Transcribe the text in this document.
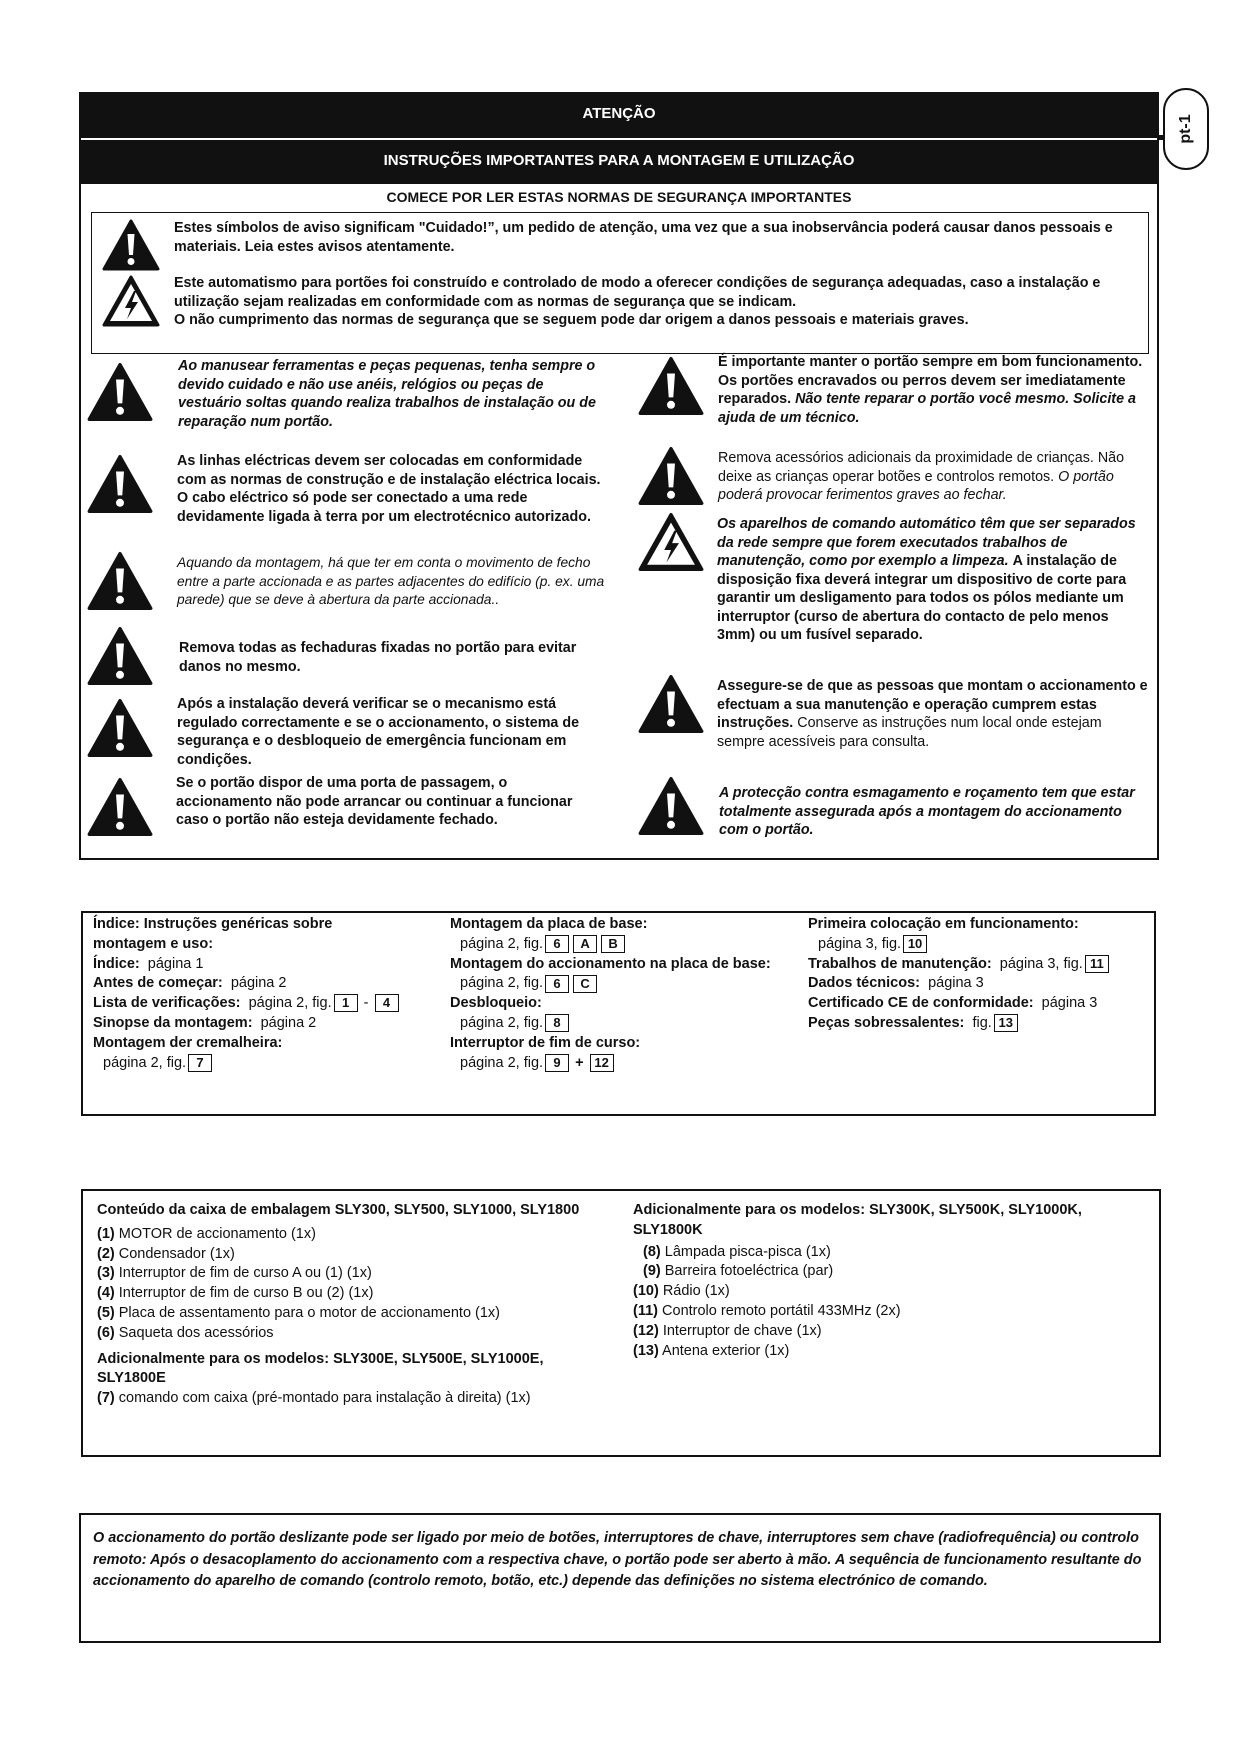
pt-1
ATENÇÃO
INSTRUÇÕES IMPORTANTES PARA A MONTAGEM E UTILIZAÇÃO
COMECE POR LER ESTAS NORMAS DE SEGURANÇA IMPORTANTES
Estes símbolos de aviso significam "Cuidado!”, um pedido de atenção, uma vez que a sua inobservância poderá causar danos pessoais e materiais. Leia estes avisos atentamente.
Este automatismo para portões foi construído e controlado de modo a oferecer condições de segurança adequadas, caso a instalação e utilização sejam realizadas em conformidade com as normas de segurança que se indicam.
O não cumprimento das normas de segurança que se seguem pode dar origem a danos pessoais e materiais graves.
Ao manusear ferramentas e peças pequenas, tenha sempre o devido cuidado e não use anéis, relógios ou peças de vestuário soltas quando realiza trabalhos de instalação ou de reparação num portão.
As linhas eléctricas devem ser colocadas em conformidade com as normas de construção e de instalação eléctrica locais. O cabo eléctrico só pode ser conectado a uma rede devidamente ligada à terra por um electrotécnico autorizado.
Aquando da montagem, há que ter em conta o movimento de fecho entre a parte accionada e as partes adjacentes do edifício (p. ex. uma parede) que se deve à abertura da parte accionada..
Remova todas as fechaduras fixadas no portão para evitar danos no mesmo.
Após a instalação deverá verificar se o mecanismo está regulado correctamente e se o accionamento, o sistema de segurança e o desbloqueio de emergência funcionam em condições.
Se o portão dispor de uma porta de passagem, o accionamento não pode arrancar ou continuar a funcionar caso o portão não esteja devidamente fechado.
É importante manter o portão sempre em bom funcionamento. Os portões encravados ou perros devem ser imediatamente reparados. Não tente reparar o portão você mesmo. Solicite a ajuda de um técnico.
Remova acessórios adicionais da proximidade de crianças. Não deixe as crianças operar botões e controlos remotos. O portão poderá provocar ferimentos graves ao fechar.
Os aparelhos de comando automático têm que ser separados da rede sempre que forem executados trabalhos de manutenção, como por exemplo a limpeza. A instalação de disposição fixa deverá integrar um dispositivo de corte para garantir um desligamento para todos os pólos mediante um interruptor (curso de abertura do contacto de pelo menos 3mm) ou um fusível separado.
Assegure-se de que as pessoas que montam o accionamento e efectuam a sua manutenção e operação cumprem estas instruções. Conserve as instruções num local onde estejam sempre acessíveis para consulta.
A protecção contra esmagamento e roçamento tem que estar totalmente assegurada após a montagem do accionamento com o portão.
Índice: Instruções genéricas sobre montagem e uso:
Índice: página 1
Antes de começar: página 2
Lista de verificações: página 2, fig. 1 - 4
Sinopse da montagem: página 2
Montagem der cremalheira:
página 2, fig. 7
Montagem da placa de base:
página 2, fig. 6 A B
Montagem do accionamento na placa de base:
página 2, fig. 6 C
Desbloqueio:
página 2, fig. 8
Interruptor de fim de curso:
página 2, fig. 9 + 12
Primeira colocação em funcionamento:
página 3, fig. 10
Trabalhos de manutenção: página 3, fig. 11
Dados técnicos: página 3
Certificado CE de conformidade: página 3
Peças sobressalentes: fig. 13
Conteúdo da caixa de embalagem SLY300, SLY500, SLY1000, SLY1800
(1) MOTOR de accionamento (1x)
(2) Condensador (1x)
(3) Interruptor de fim de curso A ou (1) (1x)
(4) Interruptor de fim de curso B ou (2) (1x)
(5) Placa de assentamento para o motor de accionamento (1x)
(6) Saqueta dos acessórios
Adicionalmente para os modelos: SLY300E, SLY500E, SLY1000E, SLY1800E
(7) comando com caixa (pré-montado para instalação à direita) (1x)
Adicionalmente para os modelos: SLY300K, SLY500K, SLY1000K, SLY1800K
(8) Lâmpada pisca-pisca (1x)
(9) Barreira fotoeléctrica (par)
(10) Rádio (1x)
(11) Controlo remoto portátil 433MHz (2x)
(12) Interruptor de chave (1x)
(13) Antena exterior (1x)
O accionamento do portão deslizante pode ser ligado por meio de botões, interruptores de chave, interruptores sem chave (radiofrequência) ou controlo remoto: Após o desacoplamento do accionamento com a respectiva chave, o portão pode ser aberto à mão. A sequência de funcionamento resultante do accionamento do aparelho de comando (controlo remoto, botão, etc.) depende das definições no sistema electrónico de comando.
